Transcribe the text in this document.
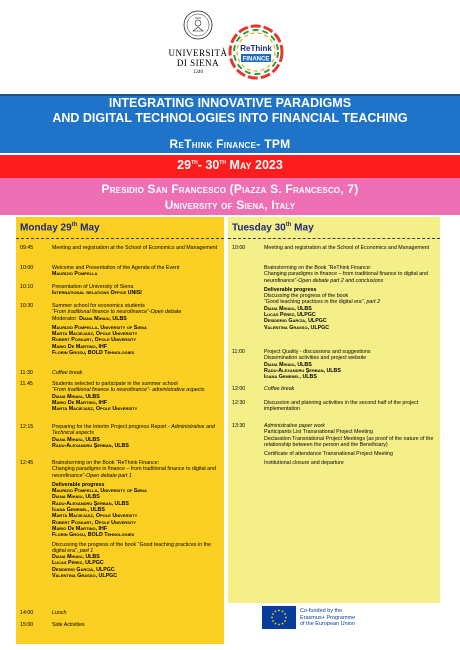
UNIVERSITÀ
DI SIENA
1240
ReThink
FINANCE
INTEGRATING INNOVATIVE PARADIGMS
AND DIGITAL TECHNOLOGIES INTO FINANCIAL TEACHING
ReThink Finance- TPM
29th- 30th May 2023
Presidio San Francesco (Piazza S. Francesco, 7)
University of Siena, Italy
Monday 29th May	Tuesday 30th May
09:45	Meeting and registration at the School of Economics and Management
10:00	Welcome and Presentation of the Agenda of the Event
Maurizio Pompella
10:10	Presentation of University of Siena
International relations Office UNISI
10:30	Summer school for economics students
“From traditional finance to neurofinance”-Open debate
Moderator: Diana Mihaiu, ULBS
Maurizio Pompella, University of Siena
Marta Maciejasz, Opole University
Robert Poskart, Opole University
Mario De Martino, IHF
Florin Grosu, BOLD Tehnologies
11:30	Coffee break
11.45	Students selected to participate in the summer school
“From traditional finance to neurofinance”- administrative aspects
Diana Mihaiu, ULBS
Mario De Martino, IHF
Marta Maciejasz, Opole University
12:15	Preparing for the Interim Project progress Report - Administrative and Technical aspects
Diana Mihaiu, ULBS
Radu-Alexandru Şerban, ULBS
12:45	Brainstorming on the Book “ReThink Finance:
Changing paradigms in finance – from traditional finance to digital and neurofinance”-Open debate part 1
Deliverable progress
Maurizio Pompella, University of Siena
Diana Mihaiu, ULBS
Radu-Alexandru Şerban, ULBS
Ioana Gemenel, ULBS
Marta Maciejasz, Opole University
Robert Poskart, Opole University
Mario De Martino, IHF
Florin Grosu, BOLD Tehnologies
Discussing the progress of the book “Good teaching practices in the digital era”, part 1
Diana Mihaiu, ULBS
Lucas Pérez, ULPGC
Desiderio García, ULPGC
Valentina Grasso, ULPGC
14:00	Lunch
15:00	Side Activities
10:00	Meeting and registration at the School of Economics and Management
Brainstorming on the Book “ReThink Finance:
Changing paradigms in finance – from traditional finance to digital and neurofinance”-Open debate part 2 and conclusions
Deliverable progress
Discussing the progress of the book
“Good teaching practices in the digital era”, part 2
Diana Mihaiu, ULBS
Lucas Pérez, ULPGC
Desiderio García, ULPGC
Valentina Grasso, ULPGC
11:00	Project Quality - discussions and suggestions
Dissemination activities and project website
Diana Mihaiu, ULBS
Radu-Alexandru Şerban, ULBS
Ioana Gemenel, ULBS
12:00	Coffee break
12:30	Discussion and planning activities in the second half of the project implementation
13:30	Administrative paper work
Participants List Transnational Project Meeting
Declaration Transnational Project Meetings (as proof of the nature of the relationship between the person and the Beneficiary)
Certificate of attendance Transnational Project Meeting
Institutional closure and departure
Co-funded by the
Erasmus+ Programme
of the European Union
